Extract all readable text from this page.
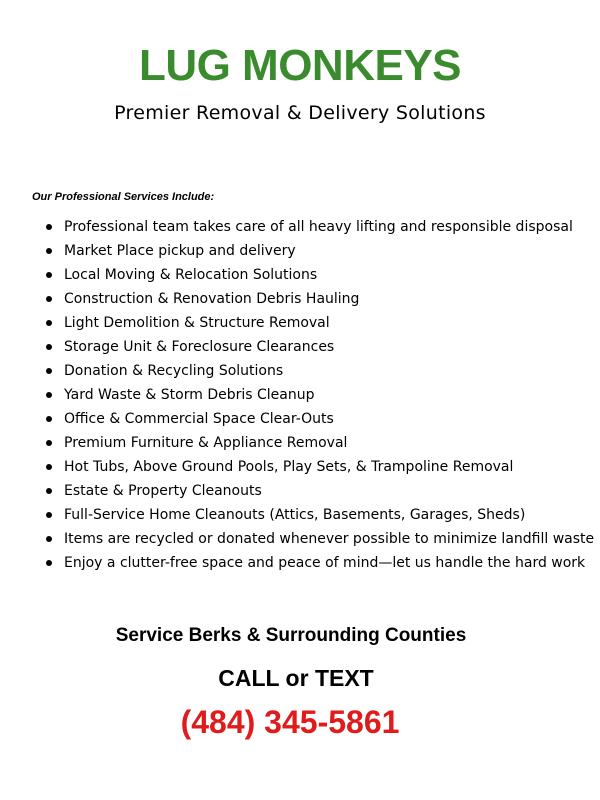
LUG MONKEYS
Premier Removal & Delivery Solutions
Our Professional Services Include:
Professional team takes care of all heavy lifting and responsible disposal
Market Place pickup and delivery
Local Moving & Relocation Solutions
Construction & Renovation Debris Hauling
Light Demolition & Structure Removal
Storage Unit & Foreclosure Clearances
Donation & Recycling Solutions
Yard Waste & Storm Debris Cleanup
Office & Commercial Space Clear-Outs
Premium Furniture & Appliance Removal
Hot Tubs, Above Ground Pools, Play Sets, & Trampoline Removal
Estate & Property Cleanouts
Full-Service Home Cleanouts (Attics, Basements, Garages, Sheds)
Items are recycled or donated whenever possible to minimize landfill waste
Enjoy a clutter-free space and peace of mind—let us handle the hard work
Service Berks & Surrounding Counties
CALL or TEXT
(484) 345-5861
